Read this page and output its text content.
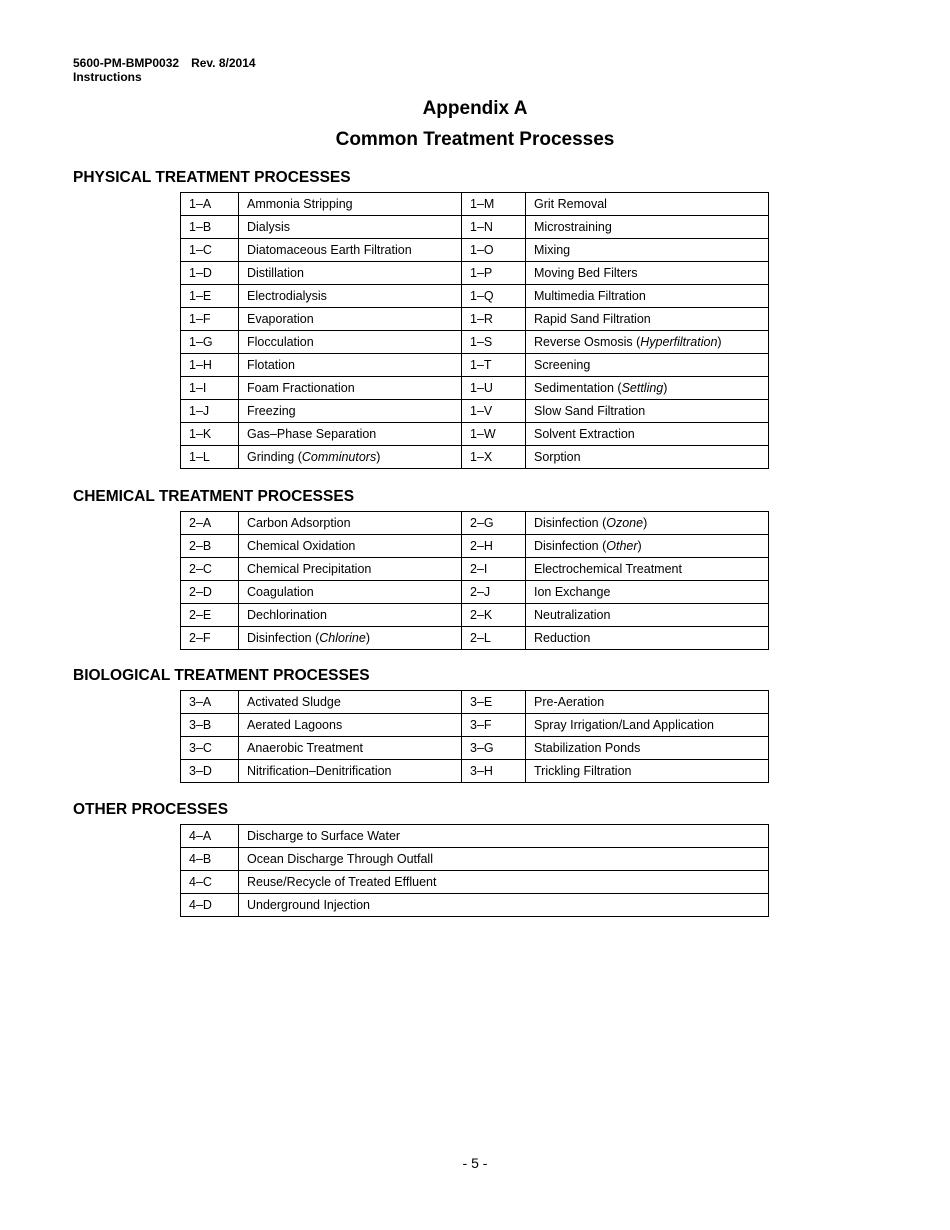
5600-PM-BMP0032 Rev. 8/2014
Instructions
Appendix A
Common Treatment Processes
PHYSICAL TREATMENT PROCESSES
1–A	Ammonia Stripping	1–M	Grit Removal
1–B	Dialysis	1–N	Microstraining
1–C	Diatomaceous Earth Filtration	1–O	Mixing
1–D	Distillation	1–P	Moving Bed Filters
1–E	Electrodialysis	1–Q	Multimedia Filtration
1–F	Evaporation	1–R	Rapid Sand Filtration
1–G	Flocculation	1–S	Reverse Osmosis (Hyperfiltration)
1–H	Flotation	1–T	Screening
1–I	Foam Fractionation	1–U	Sedimentation (Settling)
1–J	Freezing	1–V	Slow Sand Filtration
1–K	Gas–Phase Separation	1–W	Solvent Extraction
1–L	Grinding (Comminutors)	1–X	Sorption
CHEMICAL TREATMENT PROCESSES
2–A	Carbon Adsorption	2–G	Disinfection (Ozone)
2–B	Chemical Oxidation	2–H	Disinfection (Other)
2–C	Chemical Precipitation	2–I	Electrochemical Treatment
2–D	Coagulation	2–J	Ion Exchange
2–E	Dechlorination	2–K	Neutralization
2–F	Disinfection (Chlorine)	2–L	Reduction
BIOLOGICAL TREATMENT PROCESSES
3–A	Activated Sludge	3–E	Pre-Aeration
3–B	Aerated Lagoons	3–F	Spray Irrigation/Land Application
3–C	Anaerobic Treatment	3–G	Stabilization Ponds
3–D	Nitrification–Denitrification	3–H	Trickling Filtration
OTHER PROCESSES
4–A	Discharge to Surface Water
4–B	Ocean Discharge Through Outfall
4–C	Reuse/Recycle of Treated Effluent
4–D	Underground Injection
- 5 -
